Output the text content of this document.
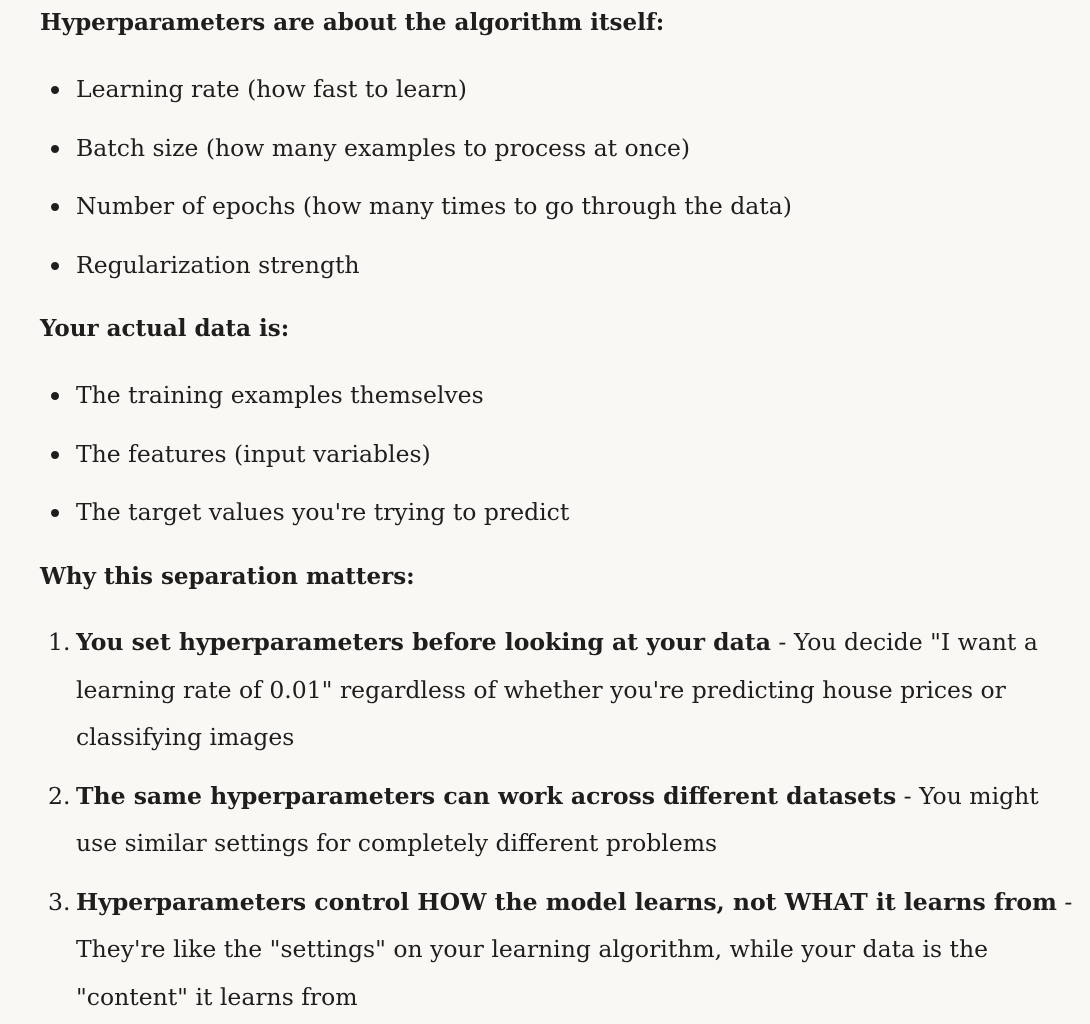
Hyperparameters are about the algorithm itself:
Learning rate (how fast to learn)
Batch size (how many examples to process at once)
Number of epochs (how many times to go through the data)
Regularization strength
Your actual data is:
The training examples themselves
The features (input variables)
The target values you're trying to predict
Why this separation matters:
1. You set hyperparameters before looking at your data - You decide "I want a learning rate of 0.01" regardless of whether you're predicting house prices or classifying images
2. The same hyperparameters can work across different datasets - You might use similar settings for completely different problems
3. Hyperparameters control HOW the model learns, not WHAT it learns from - They're like the "settings" on your learning algorithm, while your data is the "content" it learns from
